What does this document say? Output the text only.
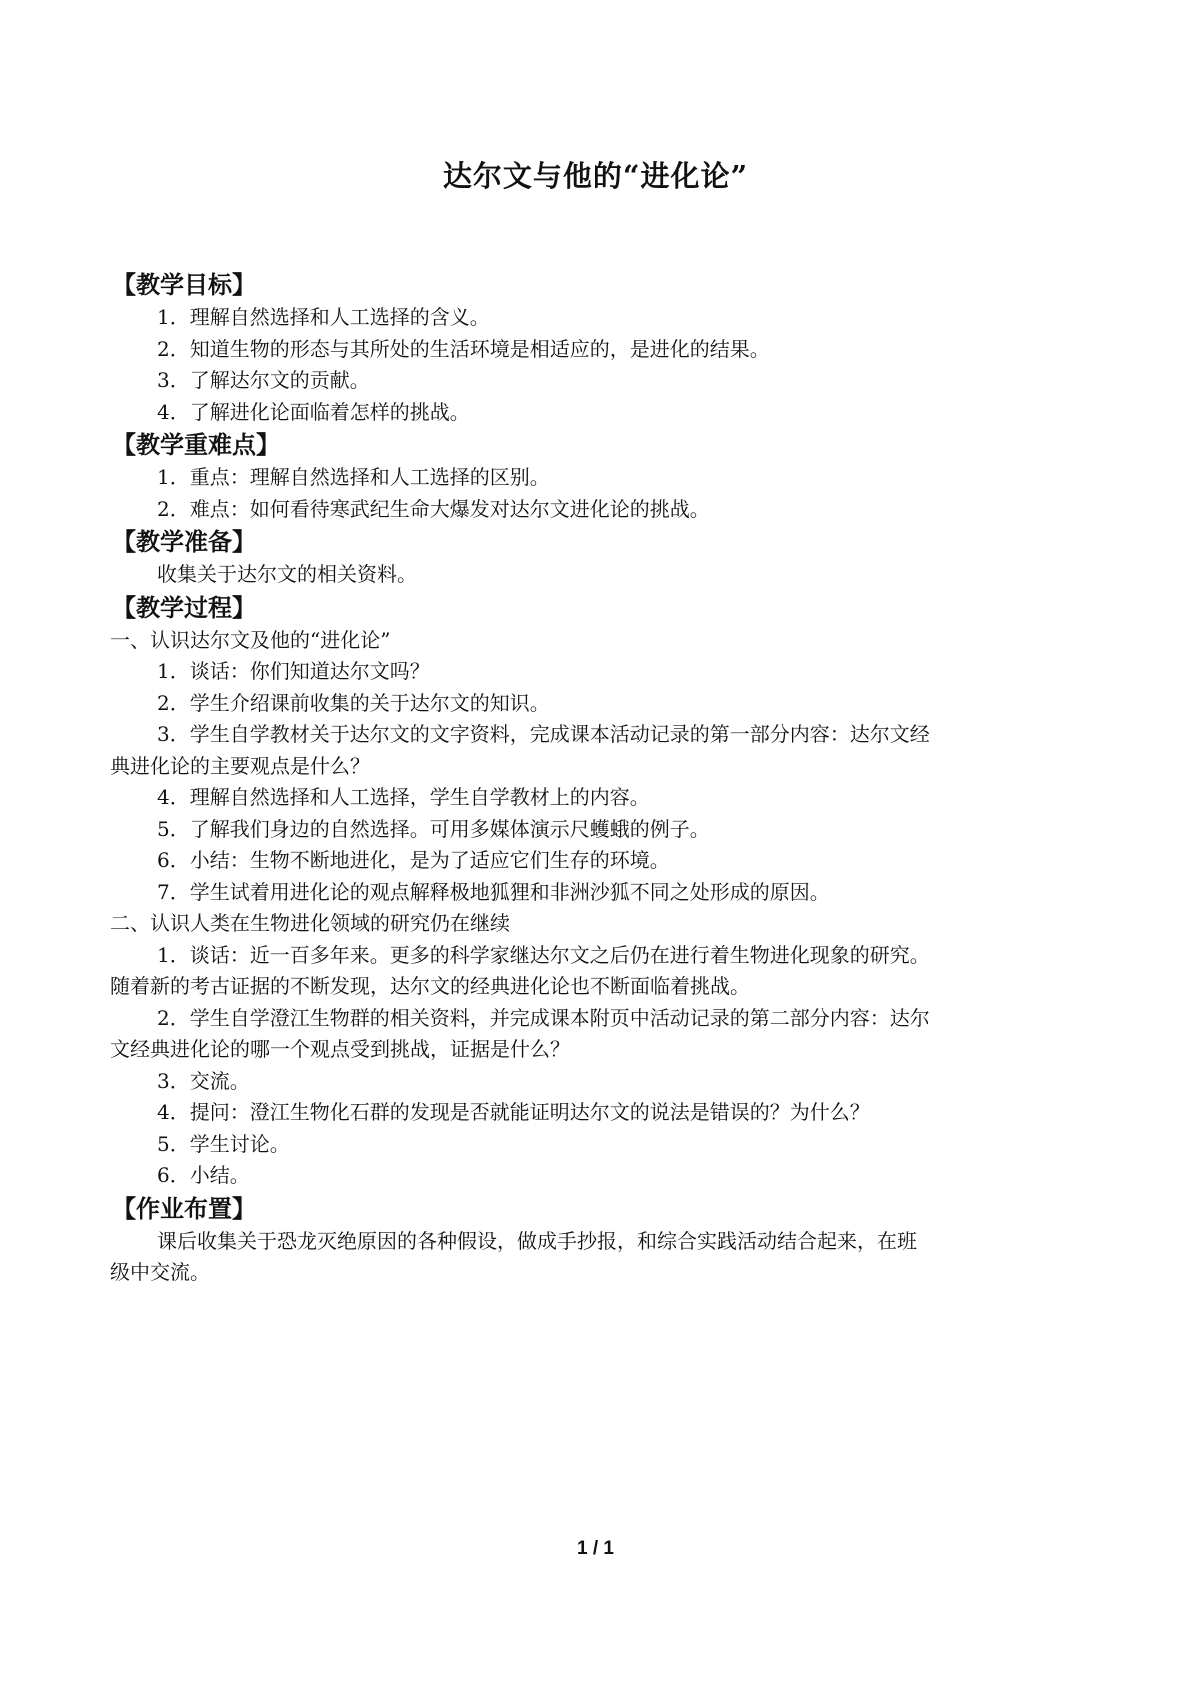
达尔文与他的“进化论”

【教学目标】

1．理解自然选择和人工选择的含义。

2．知道生物的形态与其所处的生活环境是相适应的，是进化的结果。

3．了解达尔文的贡献。

4．了解进化论面临着怎样的挑战。

【教学重难点】

1．重点：理解自然选择和人工选择的区别。

2．难点：如何看待寒武纪生命大爆发对达尔文进化论的挑战。

【教学准备】

收集关于达尔文的相关资料。

【教学过程】

一、认识达尔文及他的“进化论”

1．谈话：你们知道达尔文吗？

2．学生介绍课前收集的关于达尔文的知识。

3．学生自学教材关于达尔文的文字资料，完成课本活动记录的第一部分内容：达尔文经

典进化论的主要观点是什么？

4．理解自然选择和人工选择，学生自学教材上的内容。

5．了解我们身边的自然选择。可用多媒体演示尺蠖蛾的例子。

6．小结：生物不断地进化，是为了适应它们生存的环境。

7．学生试着用进化论的观点解释极地狐狸和非洲沙狐不同之处形成的原因。

二、认识人类在生物进化领域的研究仍在继续

1．谈话：近一百多年来。更多的科学家继达尔文之后仍在进行着生物进化现象的研究。

随着新的考古证据的不断发现，达尔文的经典进化论也不断面临着挑战。

2．学生自学澄江生物群的相关资料，并完成课本附页中活动记录的第二部分内容：达尔

文经典进化论的哪一个观点受到挑战，证据是什么？

3．交流。

4．提问：澄江生物化石群的发现是否就能证明达尔文的说法是错误的？为什么？

5．学生讨论。

6．小结。

【作业布置】

课后收集关于恐龙灭绝原因的各种假设，做成手抄报，和综合实践活动结合起来，在班

级中交流。

1 / 1
